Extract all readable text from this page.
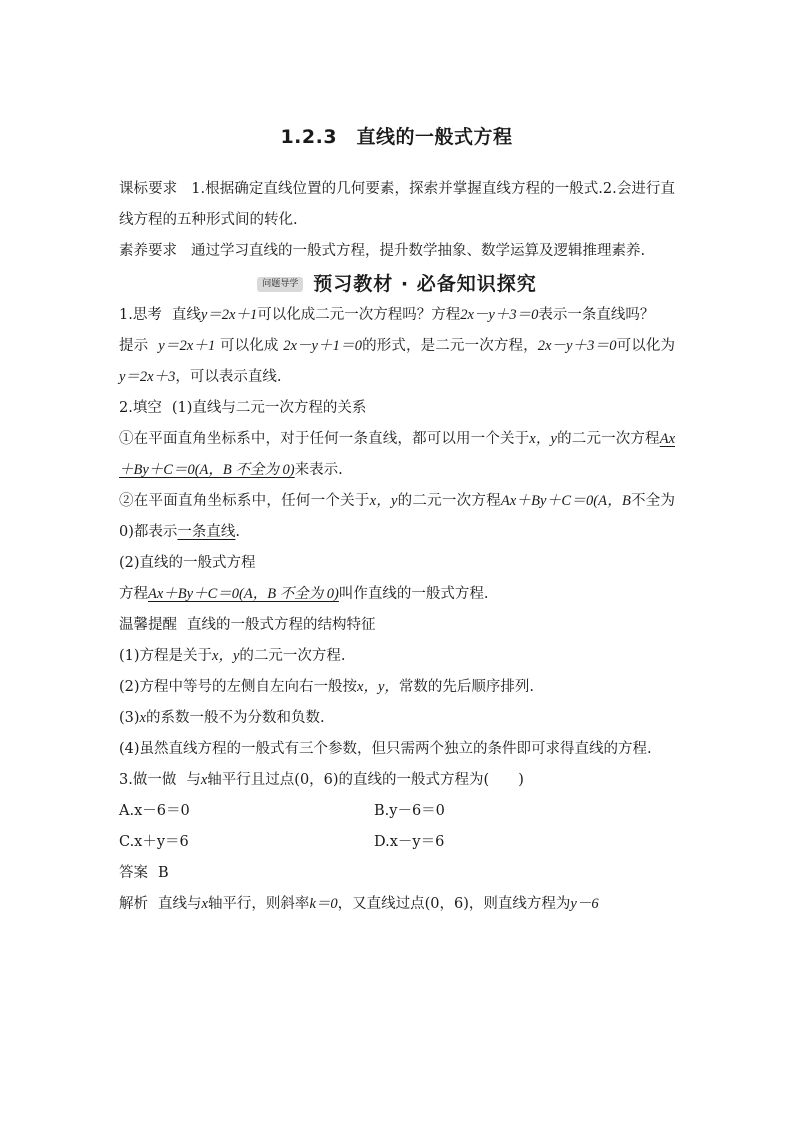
1.2.3　直线的一般式方程

课标要求 1.根据确定直线位置的几何要素，探索并掌握直线方程的一般式.2.会进行直线方程的五种形式间的转化.

素养要求 通过学习直线的一般式方程，提升数学抽象、数学运算及逻辑推理素养.

问题导学 预习教材 · 必备知识探究

1.思考 直线y＝2x＋1可以化成二元一次方程吗？方程2x－y＋3＝0表示一条直线吗？

提示 y＝2x＋1 可以化成 2x－y＋1＝0的形式，是二元一次方程，2x－y＋3＝0可以化为y＝2x＋3，可以表示直线.

2.填空 (1)直线与二元一次方程的关系

①在平面直角坐标系中，对于任何一条直线，都可以用一个关于x，y的二元一次方程Ax＋By＋C＝0(A，B 不全为 0)来表示.

②在平面直角坐标系中，任何一个关于x，y的二元一次方程Ax＋By＋C＝0(A，B不全为 0)都表示一条直线.

(2)直线的一般式方程

方程Ax＋By＋C＝0(A，B 不全为 0)叫作直线的一般式方程.

温馨提醒 直线的一般式方程的结构特征

(1)方程是关于x，y的二元一次方程.

(2)方程中等号的左侧自左向右一般按x，y，常数的先后顺序排列.

(3)x的系数一般不为分数和负数.

(4)虽然直线方程的一般式有三个参数，但只需两个独立的条件即可求得直线的方程.

3.做一做 与x轴平行且过点(0，6)的直线的一般式方程为(　　)

A.x－6＝0	B.y－6＝0
C.x＋y＝6	D.x－y＝6

答案 B

解析 直线与x轴平行，则斜率k＝0，又直线过点(0，6)，则直线方程为y－6
